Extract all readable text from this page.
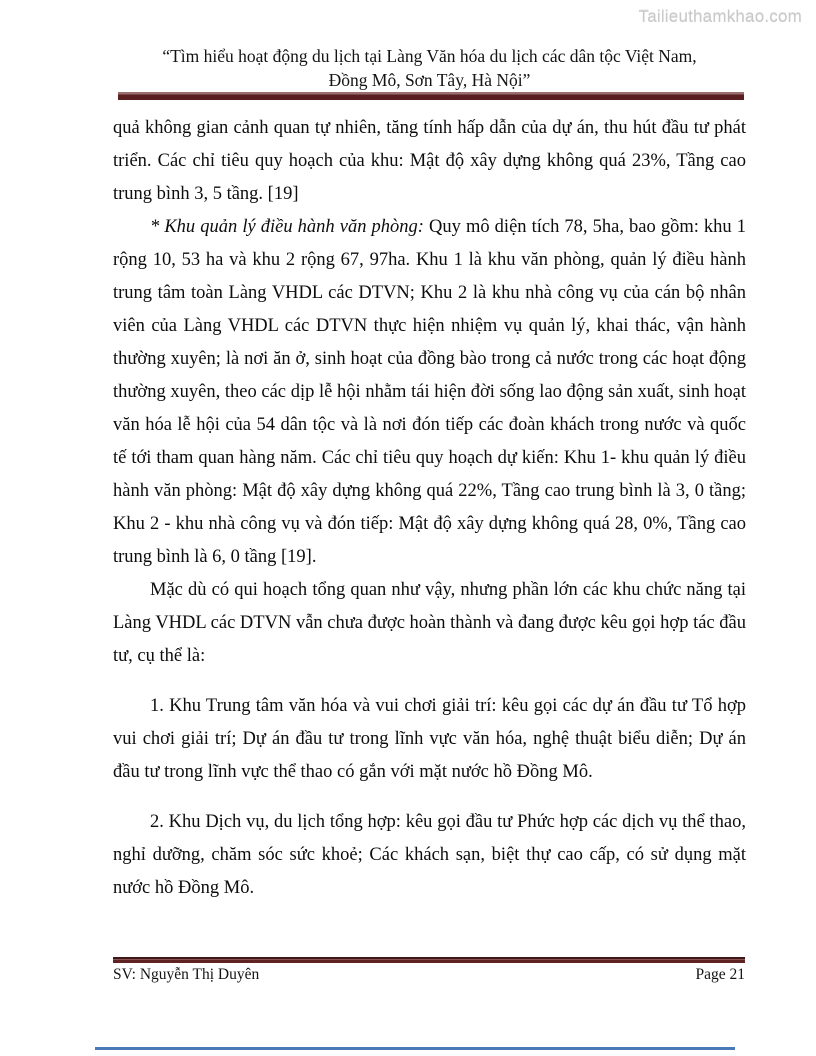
Tailieuthamkhao.com
“Tìm hiểu hoạt động du lịch tại Làng Văn hóa du lịch các dân tộc Việt Nam,
Đồng Mô, Sơn Tây, Hà Nội”

quả không gian cảnh quan tự nhiên, tăng tính hấp dẫn của dự án, thu hút đầu tư phát triển. Các chỉ tiêu quy hoạch của khu: Mật độ xây dựng không quá 23%, Tầng cao trung bình 3, 5 tầng. [19]

* Khu quản lý điều hành văn phòng: Quy mô diện tích 78, 5ha, bao gồm: khu 1 rộng 10, 53 ha và khu 2 rộng 67, 97ha. Khu 1 là khu văn phòng, quản lý điều hành trung tâm toàn Làng VHDL các DTVN; Khu 2 là khu nhà công vụ của cán bộ nhân viên của Làng VHDL các DTVN thực hiện nhiệm vụ quản lý, khai thác, vận hành thường xuyên; là nơi ăn ở, sinh hoạt của đồng bào trong cả nước trong các hoạt động thường xuyên, theo các dịp lễ hội nhằm tái hiện đời sống lao động sản xuất, sinh hoạt văn hóa lễ hội của 54 dân tộc và là nơi đón tiếp các đoàn khách trong nước và quốc tế tới tham quan hàng năm. Các chỉ tiêu quy hoạch dự kiến: Khu 1- khu quản lý điều hành văn phòng: Mật độ xây dựng không quá 22%, Tầng cao trung bình là 3, 0 tầng; Khu 2 - khu nhà công vụ và đón tiếp: Mật độ xây dựng không quá 28, 0%, Tầng cao trung bình là 6, 0 tầng [19].

Mặc dù có qui hoạch tổng quan như vậy, nhưng phần lớn các khu chức năng tại Làng VHDL các DTVN vẫn chưa được hoàn thành và đang được kêu gọi hợp tác đầu tư, cụ thể là:

1. Khu Trung tâm văn hóa và vui chơi giải trí: kêu gọi các dự án đầu tư Tổ hợp vui chơi giải trí; Dự án đầu tư trong lĩnh vực văn hóa, nghệ thuật biểu diễn; Dự án đầu tư trong lĩnh vực thể thao có gắn với mặt nước hồ Đồng Mô.

2. Khu Dịch vụ, du lịch tổng hợp: kêu gọi đầu tư Phức hợp các dịch vụ thể thao, nghỉ dưỡng, chăm sóc sức khoẻ; Các khách sạn, biệt thự cao cấp, có sử dụng mặt nước hồ Đồng Mô.

SV: Nguyễn Thị Duyên	Page 21
